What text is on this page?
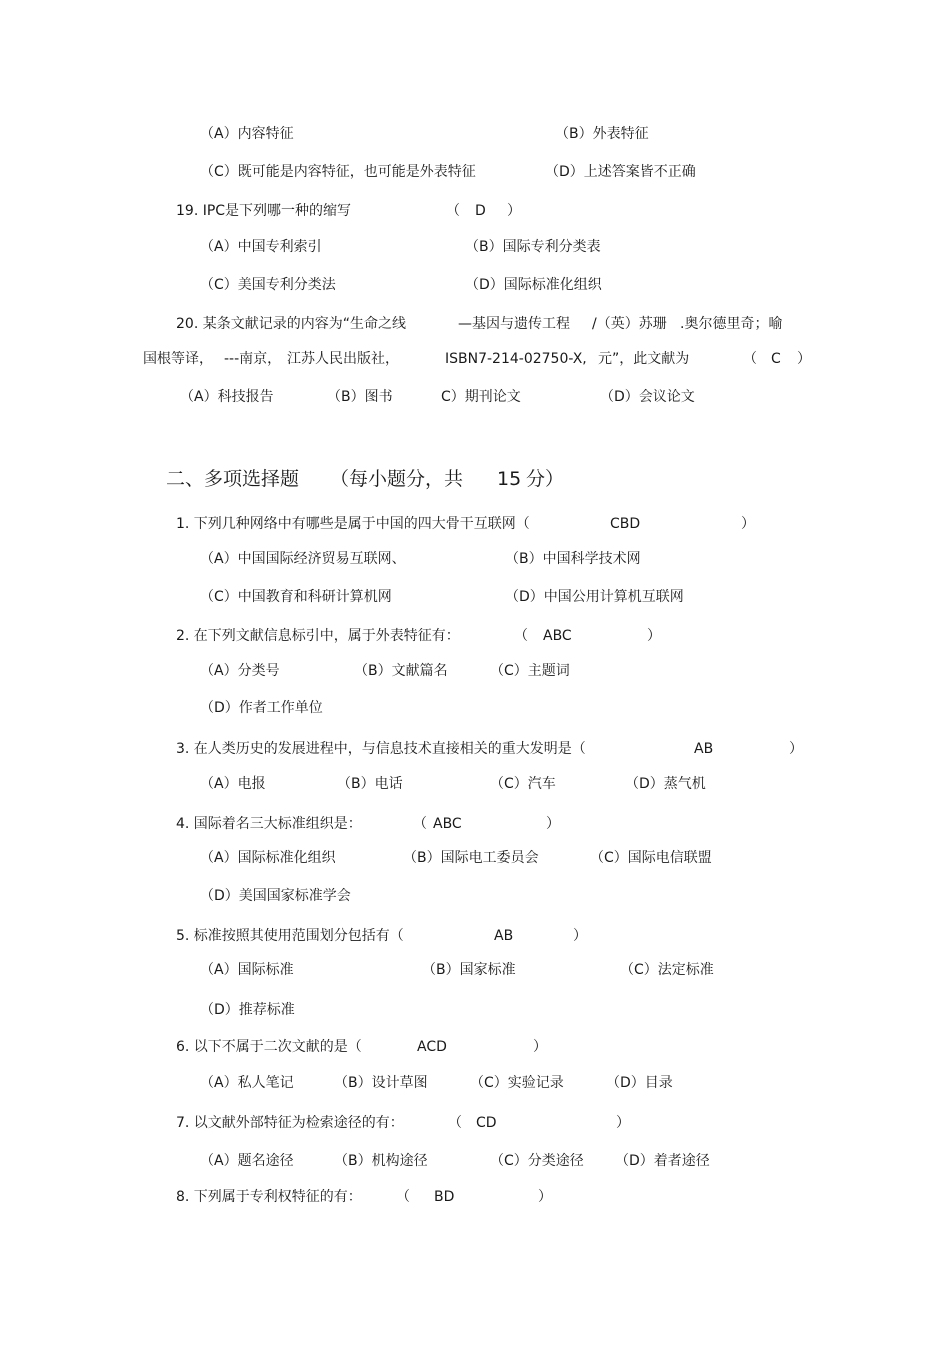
（A）内容特征	（B）外表特征
（C）既可能是内容特征，也可能是外表特征	（D）上述答案皆不正确
19. IPC是下列哪一种的缩写	（ D ）
（A）中国专利索引	（B）国际专利分类表
（C）美国专利分类法	（D）国际标准化组织
20. 某条文献记录的内容为“生命之线	—基因与遗传工程 /（英）苏珊 .奥尔德里奇；喻
国根等译， ---南京， 江苏人民出版社，	ISBN7-214-02750-X, 元”，此文献为	（ C ）
（A）科技报告	（B）图书	C）期刊论文	（D）会议论文
二、多项选择题 （每小题分，共 15 分）
1. 下列几种网络中有哪些是属于中国的四大骨干互联网（	CBD	）
（A）中国国际经济贸易互联网、	（B）中国科学技术网
（C）中国教育和科研计算机网	（D）中国公用计算机互联网
2. 在下列文献信息标引中，属于外表特征有：	（ ABC	）
（A）分类号	（B）文献篇名	（C）主题词
（D）作者工作单位
3. 在人类历史的发展进程中，与信息技术直接相关的重大发明是（	AB	）
（A）电报	（B）电话	（C）汽车	（D）蒸气机
4. 国际着名三大标准组织是：	（ ABC	）
（A）国际标准化组织	（B）国际电工委员会	（C）国际电信联盟
（D）美国国家标准学会
5. 标准按照其使用范围划分包括有（	AB	）
（A）国际标准	（B）国家标准	（C）法定标准
（D）推荐标准
6. 以下不属于二次文献的是（	ACD	）
（A）私人笔记	（B）设计草图	（C）实验记录	（D）目录
7. 以文献外部特征为检索途径的有：	（ CD	）
（A）题名途径	（B）机构途径	（C）分类途径 （D）着者途径
8. 下列属于专利权特征的有： （ BD	）
